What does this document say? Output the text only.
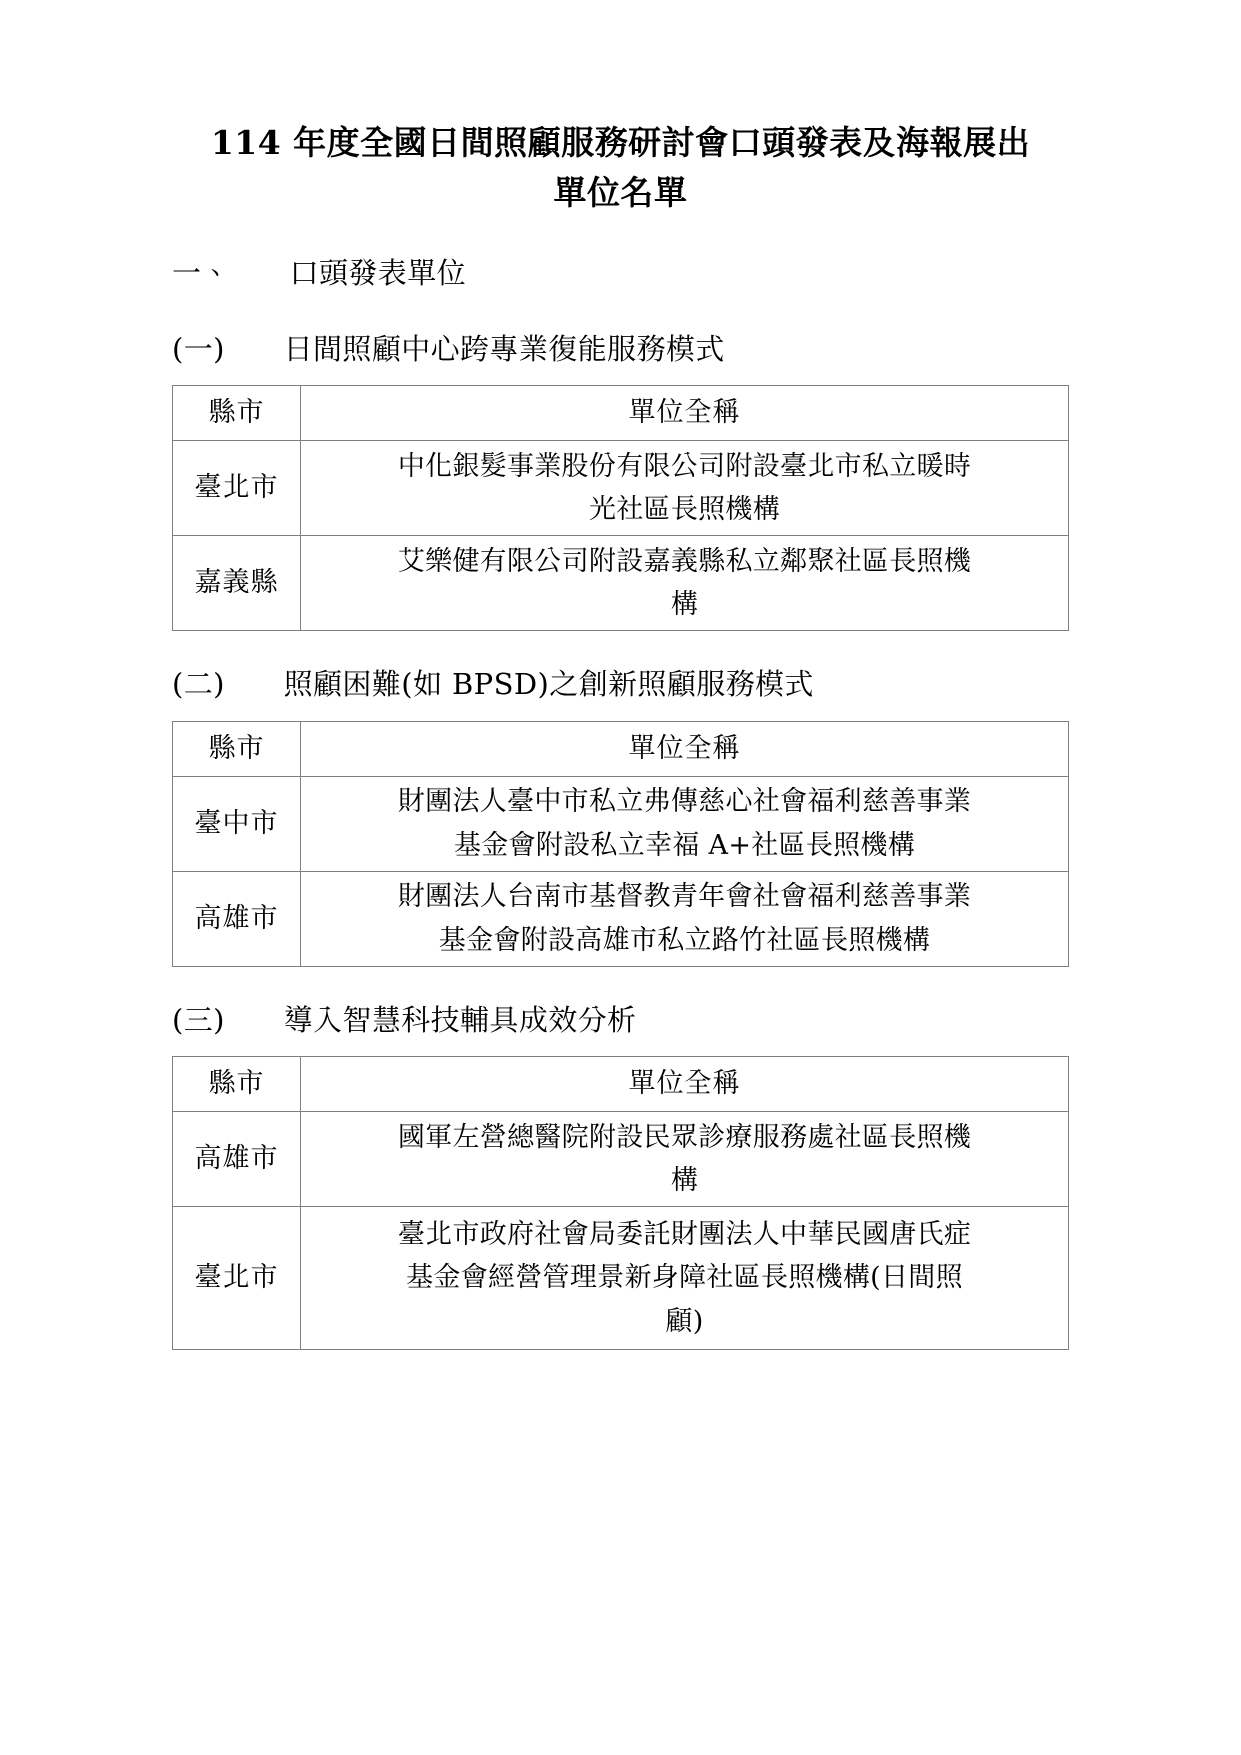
114 年度全國日間照顧服務研討會口頭發表及海報展出
單位名單

一、　　口頭發表單位

(一)　　日間照顧中心跨專業復能服務模式

縣市	單位全稱
臺北市	中化銀髮事業股份有限公司附設臺北市私立暖時
光社區長照機構

嘉義縣	艾樂健有限公司附設嘉義縣私立鄰聚社區長照機
構

(二)　　照顧困難(如 BPSD)之創新照顧服務模式

縣市	單位全稱
臺中市	財團法人臺中市私立弗傳慈心社會福利慈善事業
基金會附設私立幸福 A+社區長照機構

高雄市	財團法人台南市基督教青年會社會福利慈善事業
基金會附設高雄市私立路竹社區長照機構

(三)　　導入智慧科技輔具成效分析

縣市	單位全稱
高雄市	國軍左營總醫院附設民眾診療服務處社區長照機
構

臺北市	臺北市政府社會局委託財團法人中華民國唐氏症
基金會經營管理景新身障社區長照機構(日間照
顧)
